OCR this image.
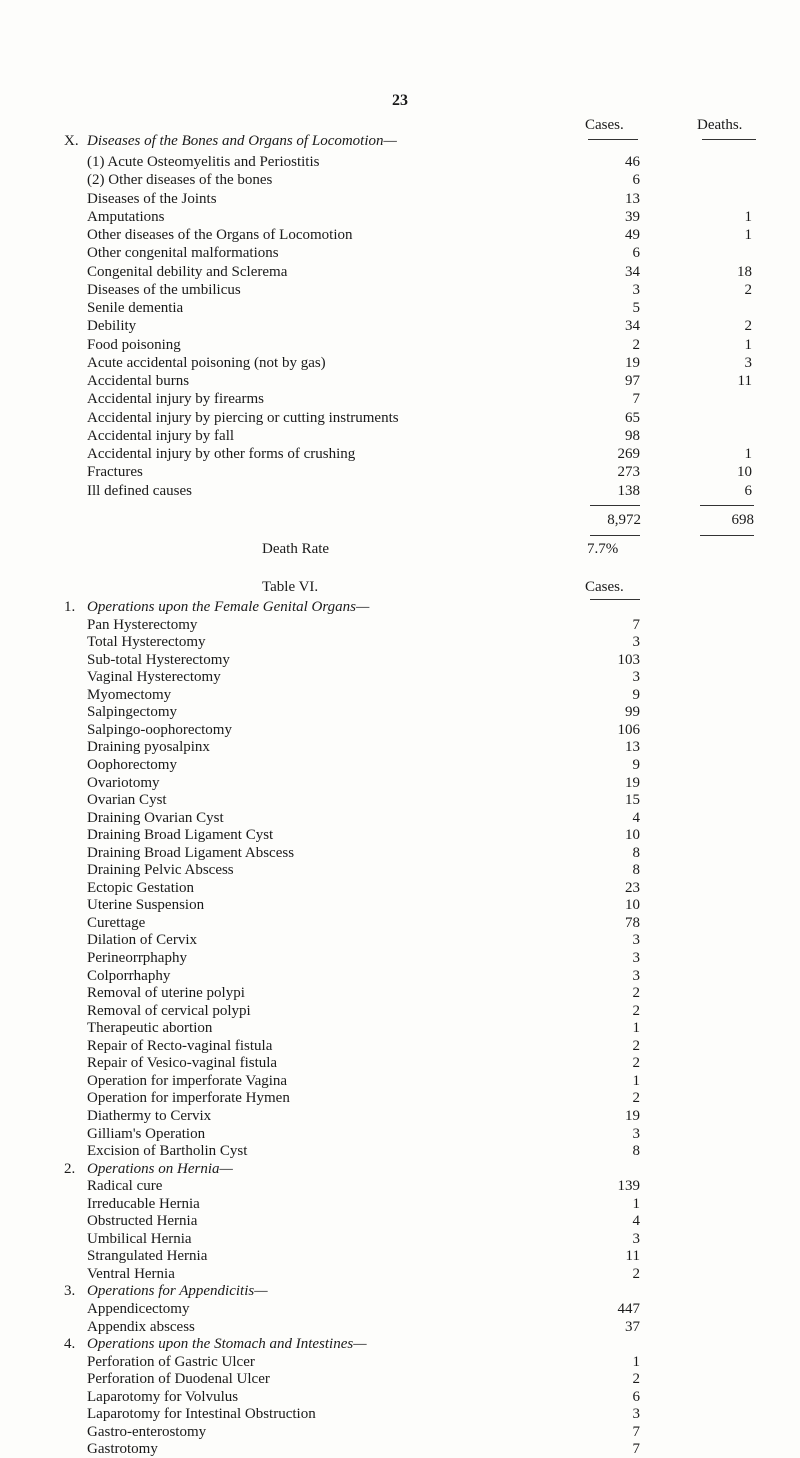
23
Cases.	Deaths.
X. Diseases of the Bones and Organs of Locomotion—
(1) Acute Osteomyelitis and Periostitis	46
(2) Other diseases of the bones	6
Diseases of the Joints	13
Amputations	39	1
Other diseases of the Organs of Locomotion	49	1
Other congenital malformations	6
Congenital debility and Sclerema	34	18
Diseases of the umbilicus	3	2
Senile dementia	5
Debility	34	2
Food poisoning	2	1
Acute accidental poisoning (not by gas)	19	3
Accidental burns	97	11
Accidental injury by firearms	7
Accidental injury by piercing or cutting instruments	65
Accidental injury by fall	98
Accidental injury by other forms of crushing	269	1
Fractures	273	10
Ill defined causes	138	6
8,972	698
Death Rate	7.7%
Table VI.	Cases.
1. Operations upon the Female Genital Organs—
Pan Hysterectomy	7
Total Hysterectomy	3
Sub-total Hysterectomy	103
Vaginal Hysterectomy	3
Myomectomy	9
Salpingectomy	99
Salpingo-oophorectomy	106
Draining pyosalpinx	13
Oophorectomy	9
Ovariotomy	19
Ovarian Cyst	15
Draining Ovarian Cyst	4
Draining Broad Ligament Cyst	10
Draining Broad Ligament Abscess	8
Draining Pelvic Abscess	8
Ectopic Gestation	23
Uterine Suspension	10
Curettage	78
Dilation of Cervix	3
Perineorrphaphy	3
Colporrhaphy	3
Removal of uterine polypi	2
Removal of cervical polypi	2
Therapeutic abortion	1
Repair of Recto-vaginal fistula	2
Repair of Vesico-vaginal fistula	2
Operation for imperforate Vagina	1
Operation for imperforate Hymen	2
Diathermy to Cervix	19
Gilliam's Operation	3
Excision of Bartholin Cyst	8
2. Operations on Hernia—
Radical cure	139
Irreducable Hernia	1
Obstructed Hernia	4
Umbilical Hernia	3
Strangulated Hernia	11
Ventral Hernia	2
3. Operations for Appendicitis—
Appendicectomy	447
Appendix abscess	37
4. Operations upon the Stomach and Intestines—
Perforation of Gastric Ulcer	1
Perforation of Duodenal Ulcer	2
Laparotomy for Volvulus	6
Laparotomy for Intestinal Obstruction	3
Gastro-enterostomy	7
Gastrotomy	7
